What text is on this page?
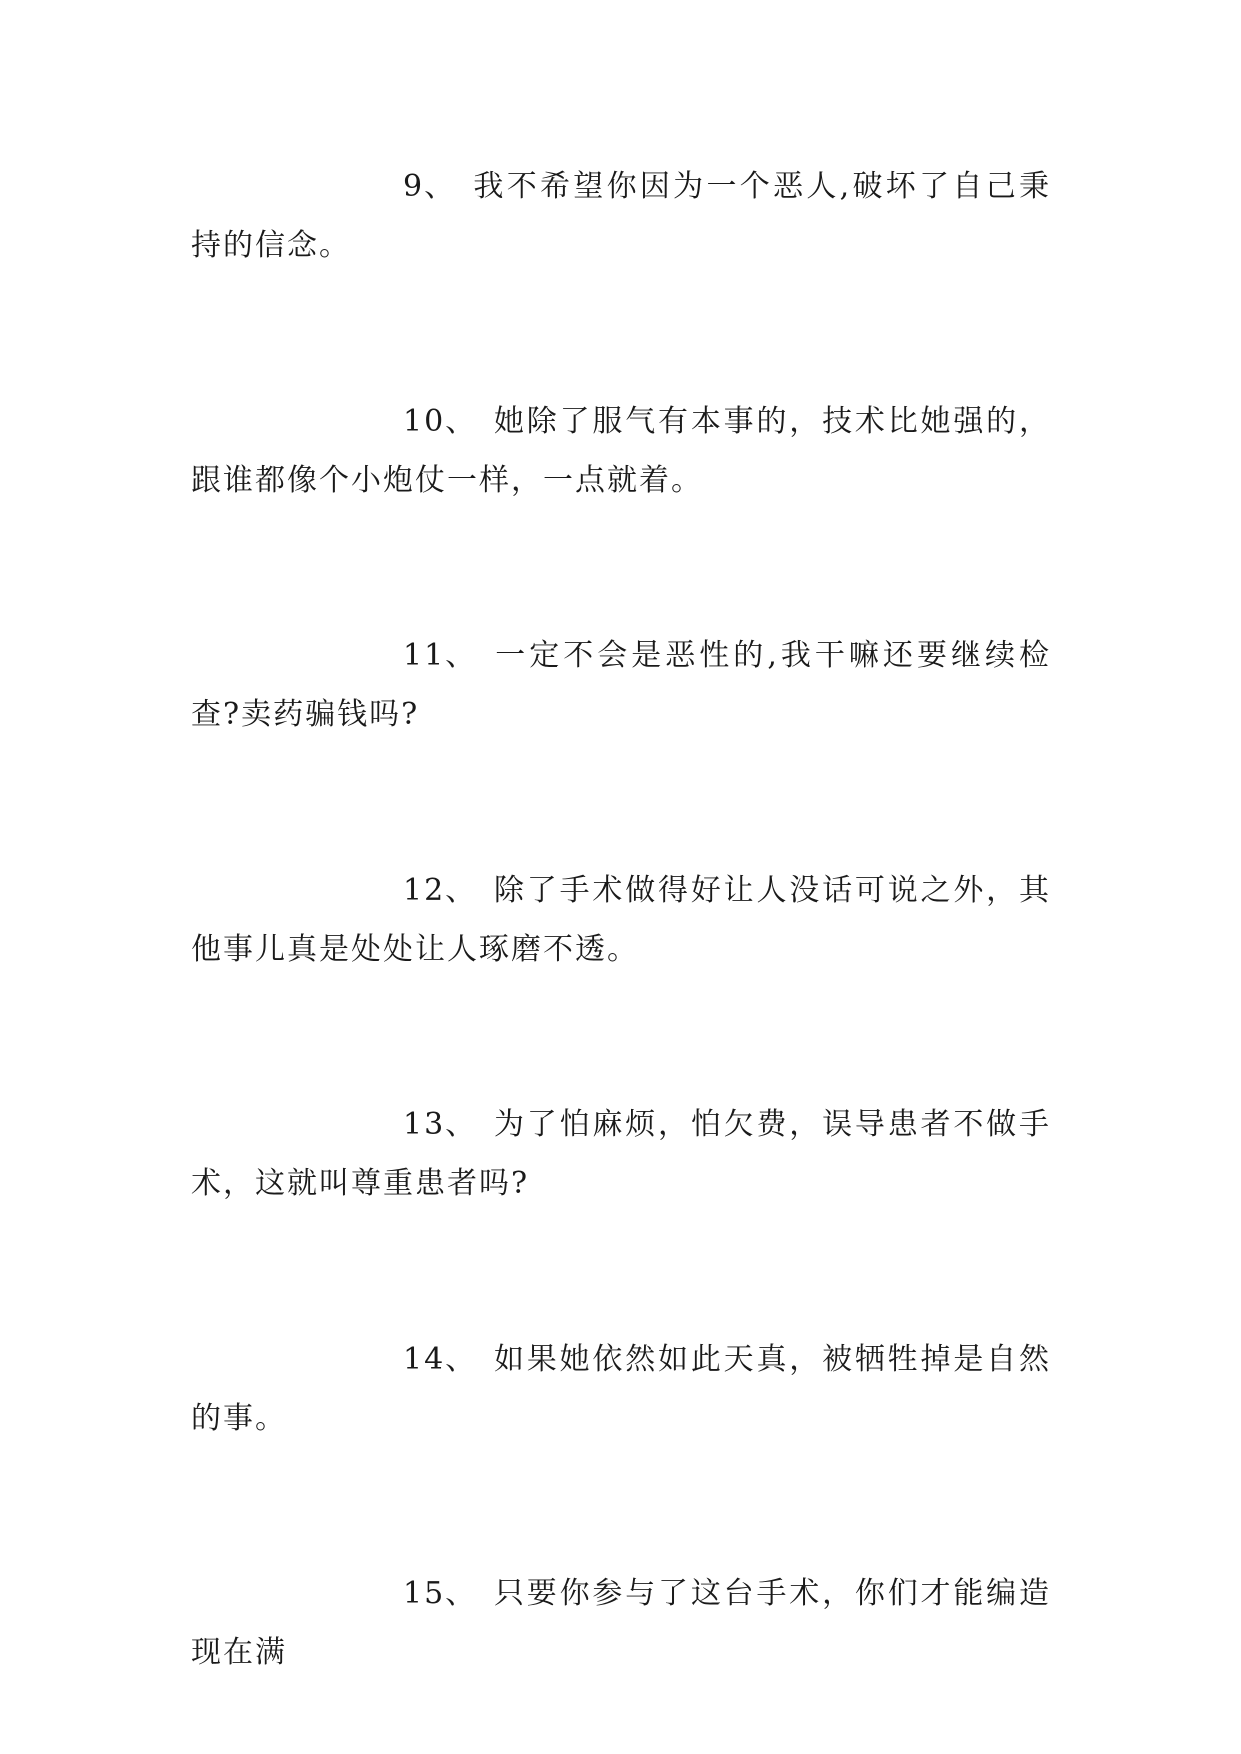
9、 我不希望你因为一个恶人,破坏了自己秉持的信念。

10、 她除了服气有本事的，技术比她强的，跟谁都像个小炮仗一样，一点就着。

11、 一定不会是恶性的,我干嘛还要继续检查?卖药骗钱吗?

12、 除了手术做得好让人没话可说之外，其他事儿真是处处让人琢磨不透。

13、 为了怕麻烦，怕欠费，误导患者不做手术，这就叫尊重患者吗?

14、 如果她依然如此天真，被牺牲掉是自然的事。

15、 只要你参与了这台手术，你们才能编造现在满
